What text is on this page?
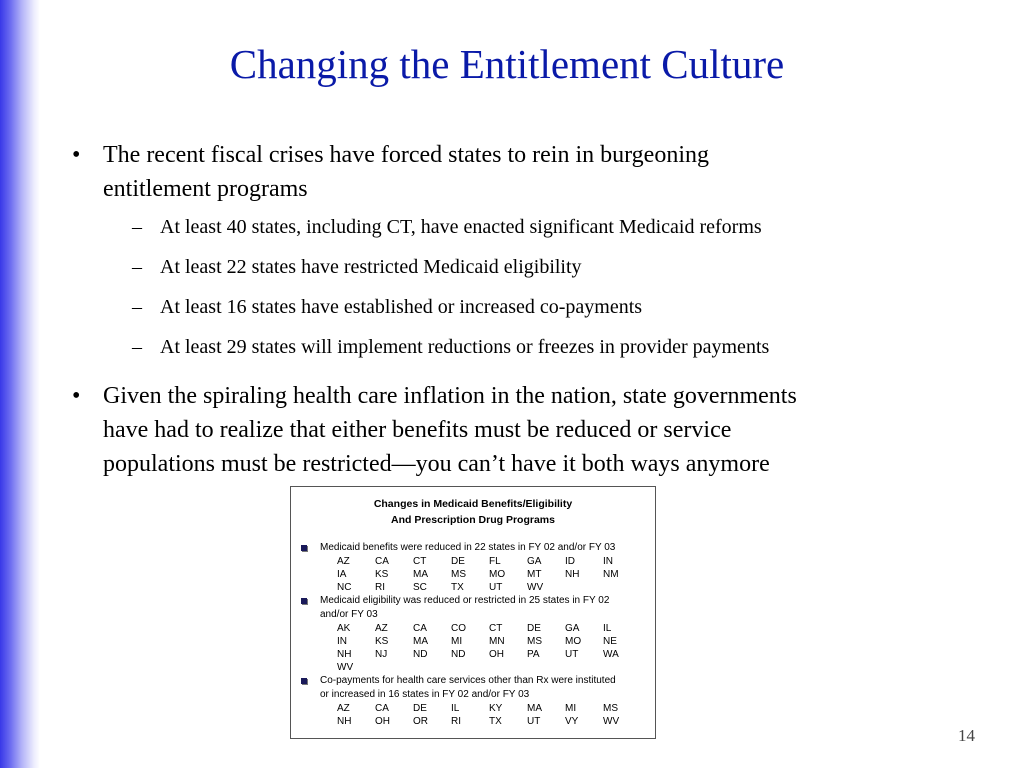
Changing the Entitlement Culture
• The recent fiscal crises have forced states to rein in burgeoning
entitlement programs
– At least 40 states, including CT, have enacted significant Medicaid reforms
– At least 22 states have restricted Medicaid eligibility
– At least 16 states have established or increased co-payments
– At least 29 states will implement reductions or freezes in provider payments
• Given the spiraling health care inflation in the nation, state governments
have had to realize that either benefits must be reduced or service
populations must be restricted—you can’t have it both ways anymore
Changes in Medicaid Benefits/Eligibility
And Prescription Drug Programs
Medicaid benefits were reduced in 22 states in FY 02 and/or FY 03
AZ	CA CT DE FL	GA ID	IN
IA	KS MA MS MO MT NH NM
NC RI	SC TX	UT WV
Medicaid eligibility was reduced or restricted in 25 states in FY 02
and/or FY 03
AK AZ	CA CO CT DE GA IL
IN	KS MA MI	MN MS MO NE
NH NJ	ND ND OH PA	UT WA
WV
Co-payments for health care services other than Rx were instituted
or increased in 16 states in FY 02 and/or FY 03
AZ	CA DE IL	KY MA MI	MS
NH OH OR RI	TX	UT VY WV
14
